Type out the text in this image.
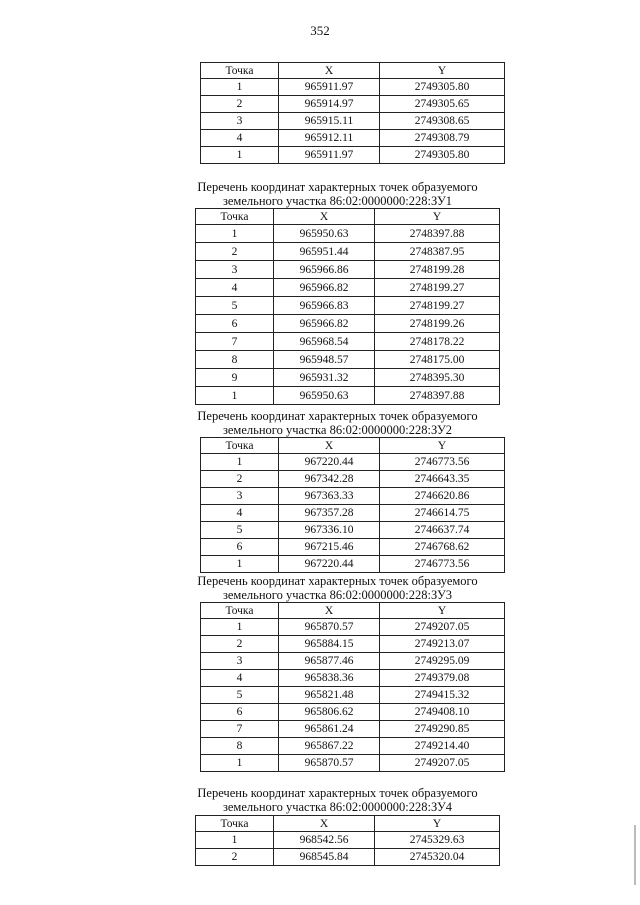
352
Точка	X	Y
1	965911.97	2749305.80
2	965914.97	2749305.65
3	965915.11	2749308.65
4	965912.11	2749308.79
1	965911.97	2749305.80
Перечень координат характерных точек образуемого
земельного участка 86:02:0000000:228:ЗУ1
Точка	X	Y
1	965950.63	2748397.88
2	965951.44	2748387.95
3	965966.86	2748199.28
4	965966.82	2748199.27
5	965966.83	2748199.27
6	965966.82	2748199.26
7	965968.54	2748178.22
8	965948.57	2748175.00
9	965931.32	2748395.30
1	965950.63	2748397.88
Перечень координат характерных точек образуемого
земельного участка 86:02:0000000:228:ЗУ2
Точка	X	Y
1	967220.44	2746773.56
2	967342.28	2746643.35
3	967363.33	2746620.86
4	967357.28	2746614.75
5	967336.10	2746637.74
6	967215.46	2746768.62
1	967220.44	2746773.56
Перечень координат характерных точек образуемого
земельного участка 86:02:0000000:228:ЗУ3
Точка	X	Y
1	965870.57	2749207.05
2	965884.15	2749213.07
3	965877.46	2749295.09
4	965838.36	2749379.08
5	965821.48	2749415.32
6	965806.62	2749408.10
7	965861.24	2749290.85
8	965867.22	2749214.40
1	965870.57	2749207.05
Перечень координат характерных точек образуемого
земельного участка 86:02:0000000:228:ЗУ4
Точка	X	Y
1	968542.56	2745329.63
2	968545.84	2745320.04
